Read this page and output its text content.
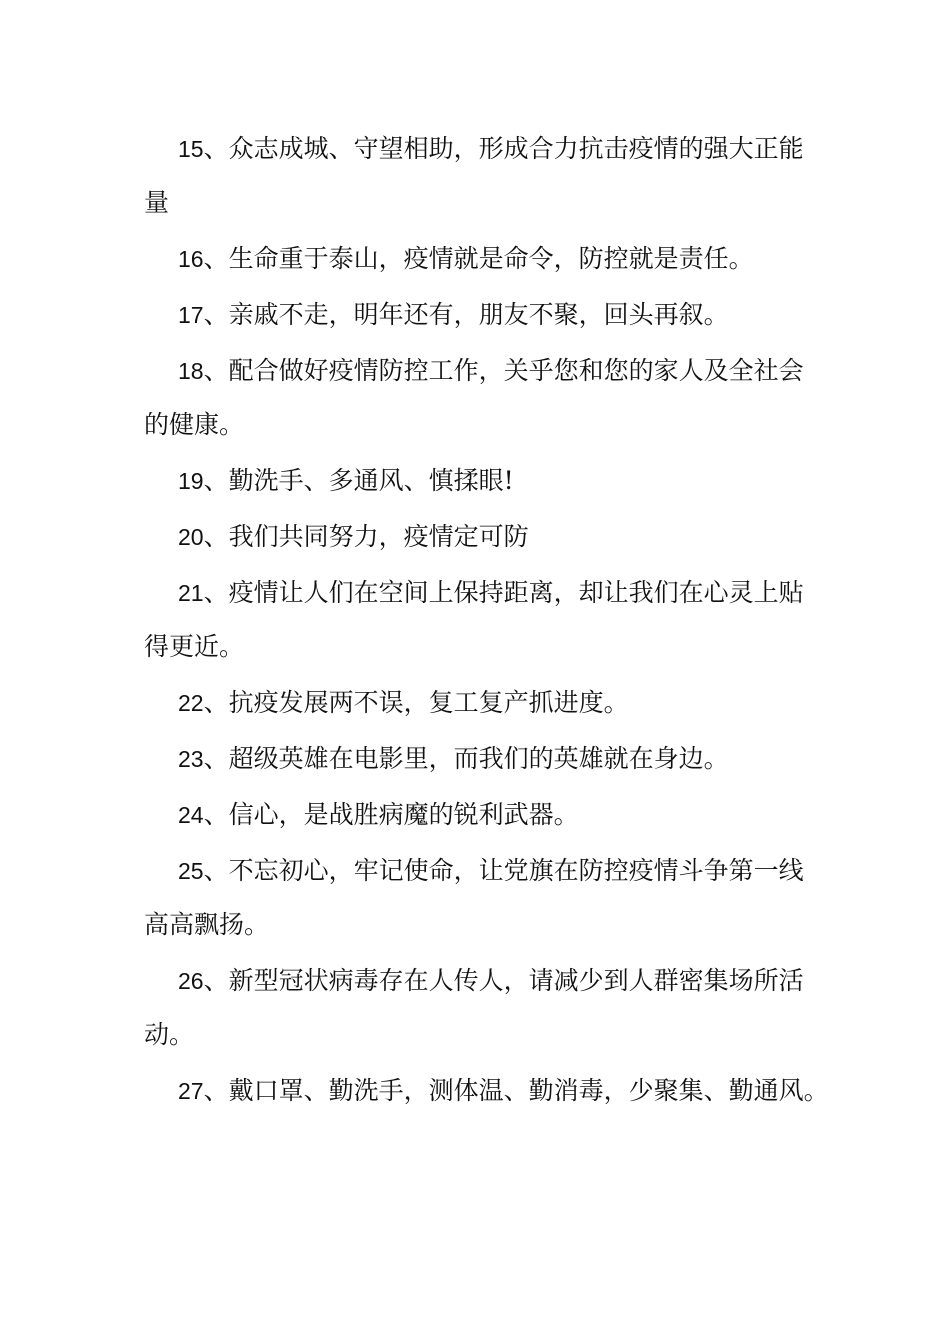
15、众志成城、守望相助，形成合力抗击疫情的强大正能量

16、生命重于泰山，疫情就是命令，防控就是责任。

17、亲戚不走，明年还有，朋友不聚，回头再叙。

18、配合做好疫情防控工作，关乎您和您的家人及全社会的健康。

19、勤洗手、多通风、慎揉眼!

20、我们共同努力，疫情定可防

21、疫情让人们在空间上保持距离，却让我们在心灵上贴得更近。

22、抗疫发展两不误，复工复产抓进度。

23、超级英雄在电影里，而我们的英雄就在身边。

24、信心，是战胜病魔的锐利武器。

25、不忘初心，牢记使命，让党旗在防控疫情斗争第一线高高飘扬。

26、新型冠状病毒存在人传人，请减少到人群密集场所活动。

27、戴口罩、勤洗手，测体温、勤消毒，少聚集、勤通风。
